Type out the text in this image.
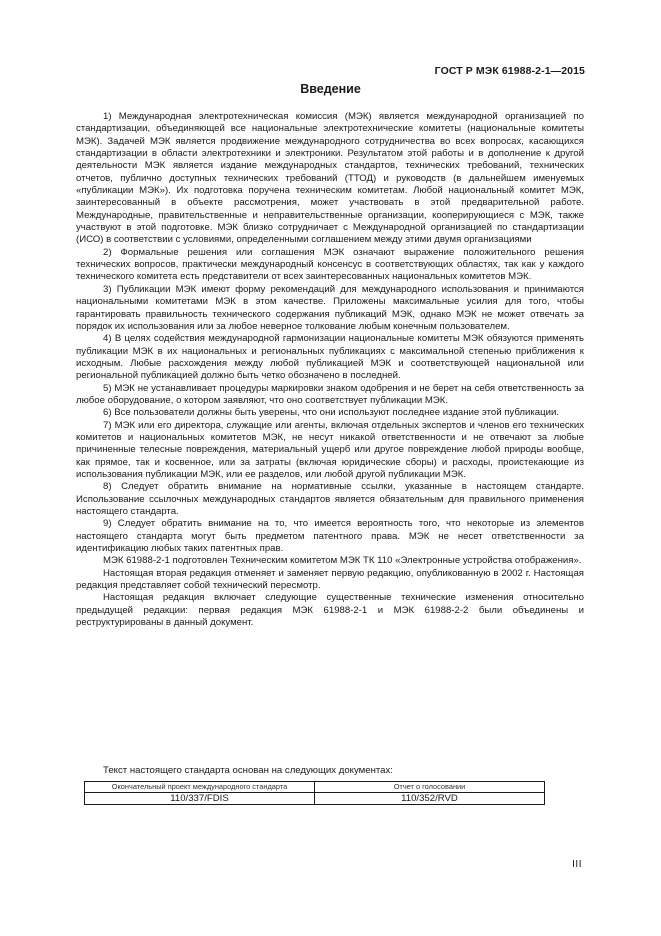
ГОСТ Р МЭК 61988-2-1—2015
Введение

1) Международная электротехническая комиссия (МЭК) является международной организацией по стандартизации, объединяющей все национальные электротехнические комитеты (национальные комитеты МЭК). Задачей МЭК является продвижение международного сотрудничества во всех вопросах, касающихся стандартизации в области электротехники и электроники. Результатом этой работы и в дополнение к другой деятельности МЭК является издание международных стандартов, технических требований, технических отчетов, публично доступных технических требований (ТТОД) и руководств (в дальнейшем именуемых «публикации МЭК»). Их подготовка поручена техническим комитетам. Любой национальный комитет МЭК, заинтересованный в объекте рассмотрения, может участвовать в этой предварительной работе. Международные, правительственные и неправительственные организации, кооперирующиеся с МЭК, также участвуют в этой подготовке. МЭК близко сотрудничает с Международной организацией по стандартизации (ИСО) в соответствии с условиями, определенными соглашением между этими двумя организациями

2) Формальные решения или соглашения МЭК означают выражение положительного решения технических вопросов, практически международный консенсус в соответствующих областях, так как у каждого технического комитета есть представители от всех заинтересованных национальных комитетов МЭК.

3) Публикации МЭК имеют форму рекомендаций для международного использования и принимаются национальными комитетами МЭК в этом качестве. Приложены максимальные усилия для того, чтобы гарантировать правильность технического содержания публикаций МЭК, однако МЭК не может отвечать за порядок их использования или за любое неверное толкование любым конечным пользователем.

4) В целях содействия международной гармонизации национальные комитеты МЭК обязуются применять публикации МЭК в их национальных и региональных публикациях с максимальной степенью приближения к исходным. Любые расхождения между любой публикацией МЭК и соответствующей национальной или региональной публикацией должно быть четко обозначено в последней.

5) МЭК не устанавливает процедуры маркировки знаком одобрения и не берет на себя ответственность за любое оборудование, о котором заявляют, что оно соответствует публикации МЭК.

6) Все пользователи должны быть уверены, что они используют последнее издание этой публикации.

7) МЭК или его директора, служащие или агенты, включая отдельных экспертов и членов его технических комитетов и национальных комитетов МЭК, не несут никакой ответственности и не отвечают за любые причиненные телесные повреждения, материальный ущерб или другое повреждение любой природы вообще, как прямое, так и косвенное, или за затраты (включая юридические сборы) и расходы, проистекающие из использования публикации МЭК, или ее разделов, или любой другой публикации МЭК.

8) Следует обратить внимание на нормативные ссылки, указанные в настоящем стандарте. Использование ссылочных международных стандартов является обязательным для правильного применения настоящего стандарта.

9) Следует обратить внимание на то, что имеется вероятность того, что некоторые из элементов настоящего стандарта могут быть предметом патентного права. МЭК не несет ответственности за идентификацию любых таких патентных прав.

МЭК 61988-2-1 подготовлен Техническим комитетом МЭК ТК 110 «Электронные устройства отображения».

Настоящая вторая редакция отменяет и заменяет первую редакцию, опубликованную в 2002 г. Настоящая редакция представляет собой технический пересмотр.

Настоящая редакция включает следующие существенные технические изменения относительно предыдущей редакции: первая редакция МЭК 61988-2-1 и МЭК 61988-2-2 были объединены и реструктурированы в данный документ.

Текст настоящего стандарта основан на следующих документах:

Окончательный проект международного стандарта	Отчет о голосовании
110/337/FDIS	110/352/RVD
III
